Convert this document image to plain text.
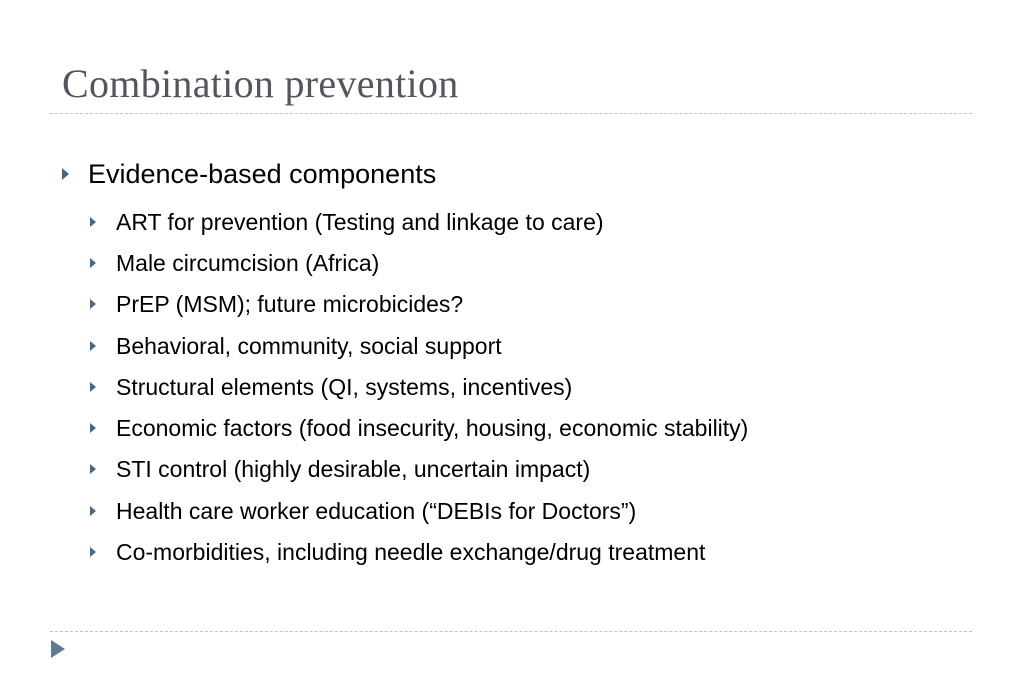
Combination prevention
Evidence-based components
ART for prevention (Testing and linkage to care)
Male circumcision (Africa)
PrEP (MSM); future microbicides?
Behavioral, community, social support
Structural elements (QI, systems, incentives)
Economic factors (food insecurity, housing, economic stability)
STI control (highly desirable, uncertain impact)
Health care worker education (“DEBIs for Doctors”)
Co-morbidities, including needle exchange/drug treatment
